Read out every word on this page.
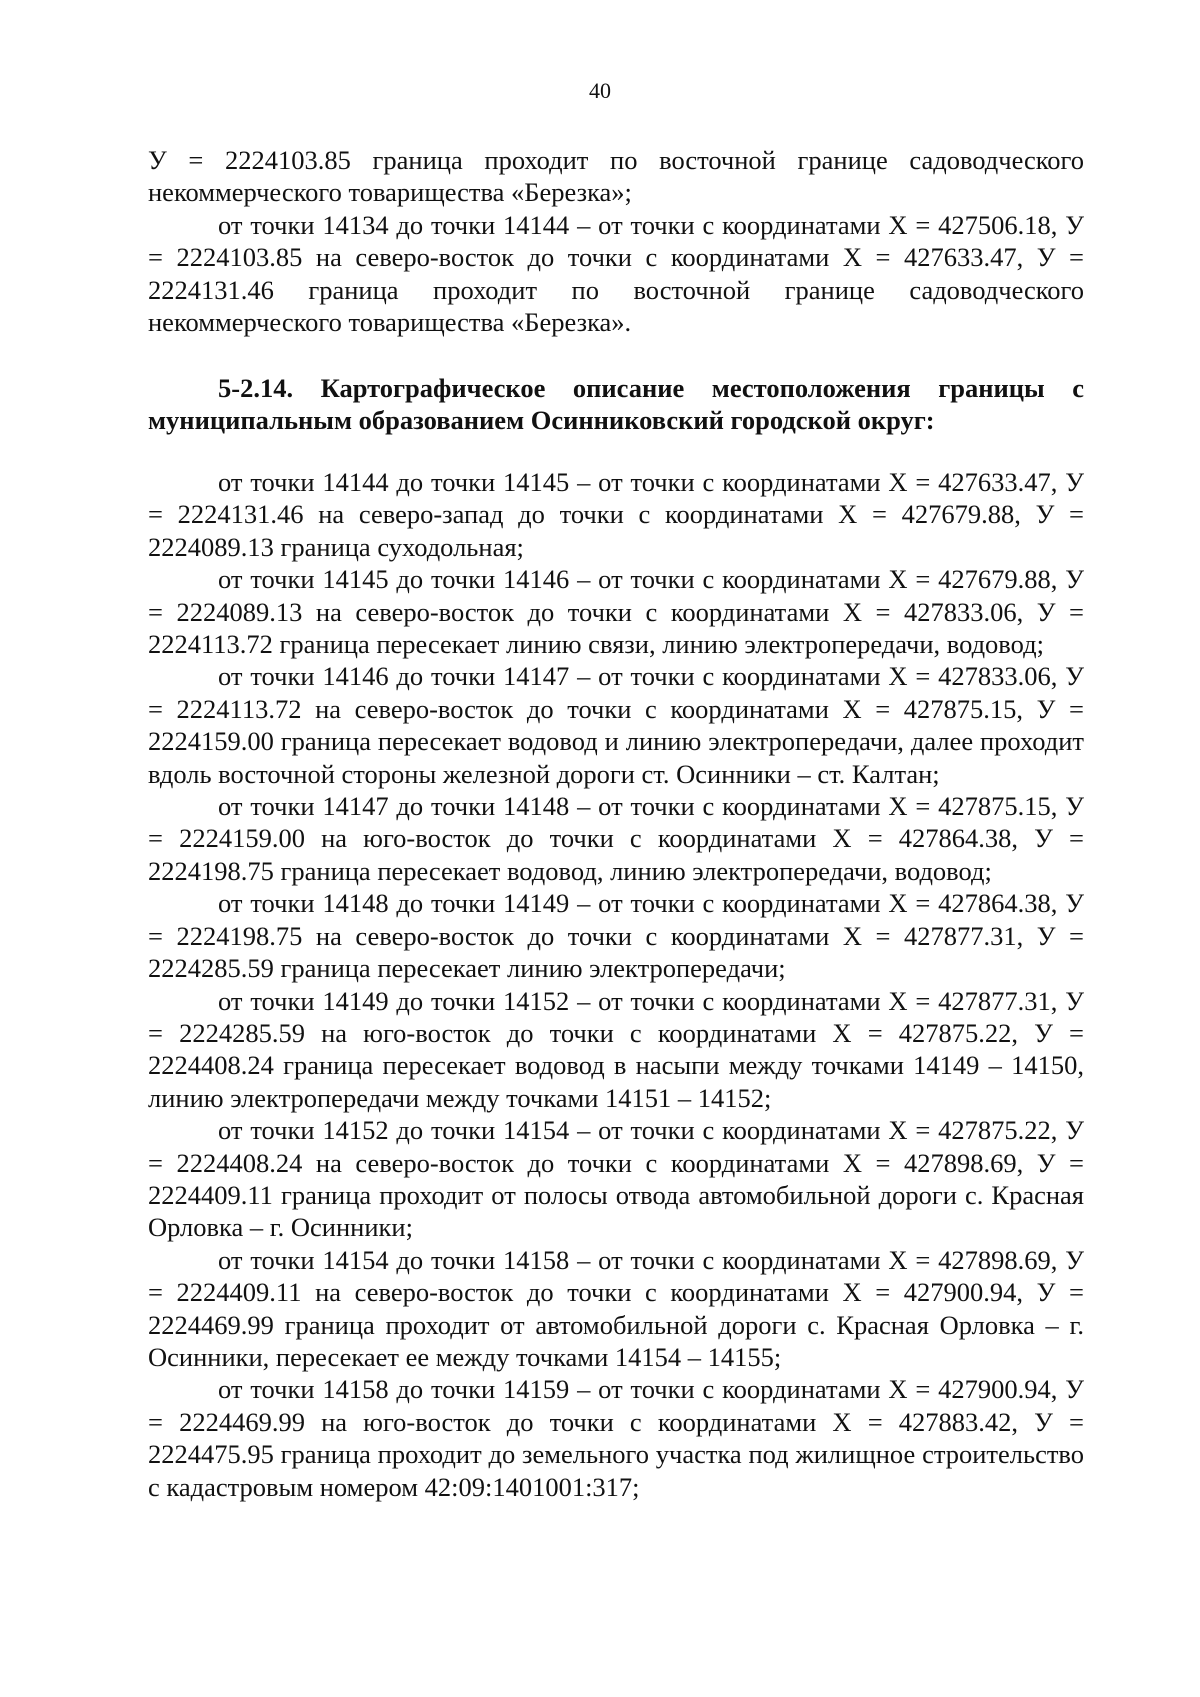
40

У = 2224103.85 граница проходит по восточной границе садоводческого некоммерческого товарищества «Березка»;

от точки 14134 до точки 14144 – от точки с координатами Х = 427506.18, У = 2224103.85 на северо-восток до точки с координатами Х = 427633.47, У = 2224131.46 граница проходит по восточной границе садоводческого некоммерческого товарищества «Березка».

5-2.14. Картографическое описание местоположения границы с муниципальным образованием Осинниковский городской округ:

от точки 14144 до точки 14145 – от точки с координатами Х = 427633.47, У = 2224131.46 на северо-запад до точки с координатами Х = 427679.88, У = 2224089.13 граница суходольная;

от точки 14145 до точки 14146 – от точки с координатами Х = 427679.88, У = 2224089.13 на северо-восток до точки с координатами Х = 427833.06, У = 2224113.72 граница пересекает линию связи, линию электропередачи, водовод;

от точки 14146 до точки 14147 – от точки с координатами Х = 427833.06, У = 2224113.72 на северо-восток до точки с координатами Х = 427875.15, У = 2224159.00 граница пересекает водовод и линию электропередачи, далее проходит вдоль восточной стороны железной дороги ст. Осинники – ст. Калтан;

от точки 14147 до точки 14148 – от точки с координатами Х = 427875.15, У = 2224159.00 на юго-восток до точки с координатами Х = 427864.38, У = 2224198.75 граница пересекает водовод, линию электропередачи, водовод;

от точки 14148 до точки 14149 – от точки с координатами Х = 427864.38, У = 2224198.75 на северо-восток до точки с координатами Х = 427877.31, У = 2224285.59 граница пересекает линию электропередачи;

от точки 14149 до точки 14152 – от точки с координатами Х = 427877.31, У = 2224285.59 на юго-восток до точки с координатами Х = 427875.22, У = 2224408.24 граница пересекает водовод в насыпи между точками 14149 – 14150, линию электропередачи между точками 14151 – 14152;

от точки 14152 до точки 14154 – от точки с координатами Х = 427875.22, У = 2224408.24 на северо-восток до точки с координатами Х = 427898.69, У = 2224409.11 граница проходит от полосы отвода автомобильной дороги с. Красная Орловка – г. Осинники;

от точки 14154 до точки 14158 – от точки с координатами Х = 427898.69, У = 2224409.11 на северо-восток до точки с координатами Х = 427900.94, У = 2224469.99 граница проходит от автомобильной дороги с. Красная Орловка – г. Осинники, пересекает ее между точками 14154 – 14155;

от точки 14158 до точки 14159 – от точки с координатами Х = 427900.94, У = 2224469.99 на юго-восток до точки с координатами Х = 427883.42, У = 2224475.95 граница проходит до земельного участка под жилищное строительство с кадастровым номером 42:09:1401001:317;
